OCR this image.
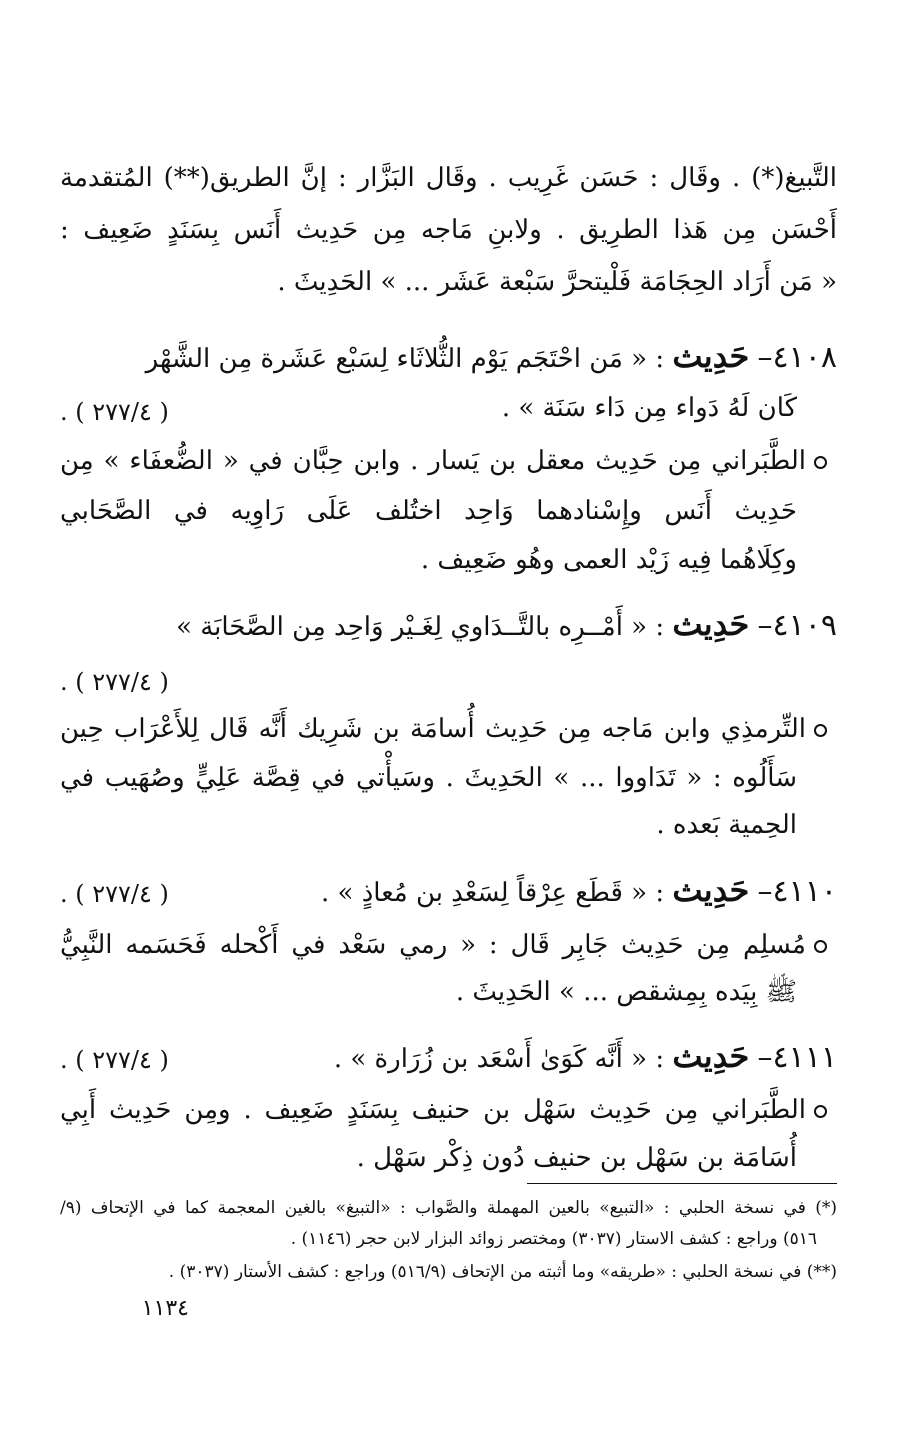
التَّبيغ(*) . وقَال : حَسَن غَرِيب . وقَال البَزَّار : إنَّ الطريق(**) المُتقدمة
أَحْسَن مِن هَذا الطرِيق . ولابنِ مَاجه مِن حَدِيث أَنَس بِسَنَدٍ ضَعِيف :
« مَن أَرَاد الحِجَامَة فَلْيتحرَّ سَبْعة عَشَر ... » الحَدِيثَ .
٤١٠٨– حَدِيث : « مَن احْتَجَم يَوْم الثُّلاثَاء لِسَبْع عَشَرة مِن الشَّهْر
كَان لَهُ دَواء مِن دَاء سَنَة » .
( ٢٧٧/٤ ) .
الطَّبَراني مِن حَدِيث معقل بن يَسار . وابن حِبَّان في « الضُّعفَاء » مِن
حَدِيث أَنَس وإِسْنادهما وَاحِد اختُلف عَلَى رَاوِيه في الصَّحَابي
وكِلَاهُما فِيه زَيْد العمى وهُو ضَعِيف .
٤١٠٩– حَدِيث : « أَمْــرِه بالتَّــدَاوي لِغَـيْر وَاحِد مِن الصَّحَابَة »
( ٢٧٧/٤ ) .
التِّرمذِي وابن مَاجه مِن حَدِيث أُسامَة بن شَرِيك أَنَّه قَال لِلأَعْرَاب حِين
سَأَلُوه : « تَدَاووا ... » الحَدِيثَ . وسَيأْتي في قِصَّة عَلِيٍّ وصُهَيب في
الحِمية بَعده .
٤١١٠– حَدِيث : « قَطَع عِرْقاً لِسَعْدِ بن مُعاذٍ » .
( ٢٧٧/٤ ) .
مُسلِم مِن حَدِيث جَابِر قَال : « رمي سَعْد في أَكْحله فَحَسَمه النَّبِيُّ
ﷺ بِيَده بِمِشقص ... » الحَدِيثَ .
٤١١١– حَدِيث : « أَنَّه كَوَىٰ أَسْعَد بن زُرَارة » .
( ٢٧٧/٤ ) .
الطَّبَراني مِن حَدِيث سَهْل بن حنيف بِسَنَدٍ ضَعِيف . ومِن حَدِيث أَبِي
أُسَامَة بن سَهْل بن حنيف دُون ذِكْر سَهْل .
(*) في نسخة الحلبي : «التبيع» بالعين المهملة والصَّواب : «التبيغ» بالغين المعجمة كما في الإتحاف (٩/
٥١٦) وراجع : كشف الاستار (٣٠٣٧) ومختصر زوائد البزار لابن حجر (١١٤٦) .
(**) في نسخة الحلبي : «طريقه» وما أثبته من الإتحاف (٥١٦/٩) وراجع : كشف الأستار (٣٠٣٧) .
١١٣٤
